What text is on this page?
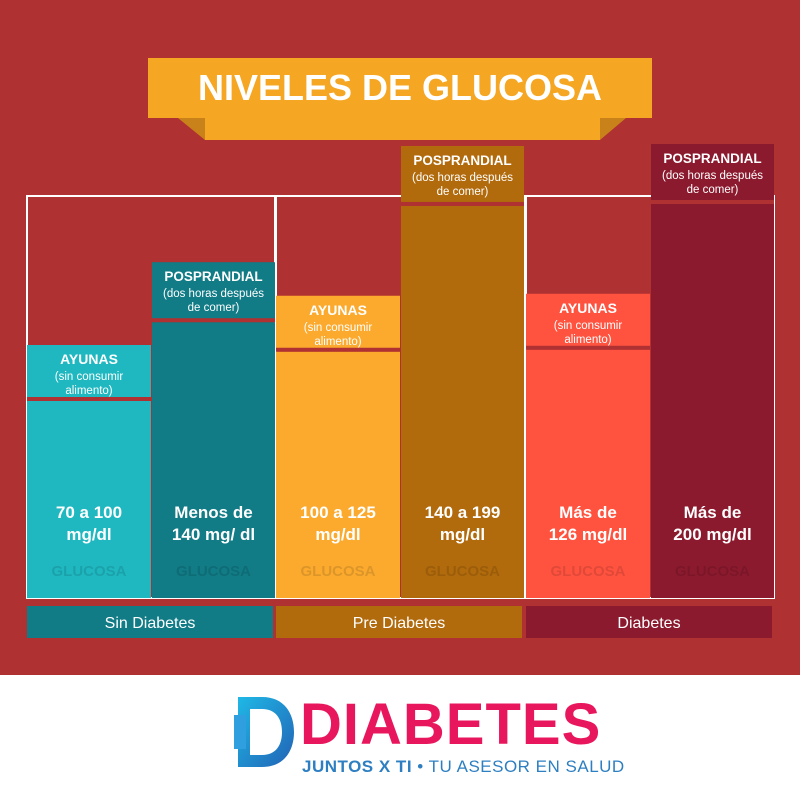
NIVELES DE GLUCOSA
AYUNAS
(sin consumir
alimento)
70 a 100
mg/dl
GLUCOSA
AYUNAS
(sin consumir
alimento)
100 a 125
mg/dl
GLUCOSA
AYUNAS
(sin consumir
alimento)
Más de
126 mg/dl
GLUCOSA
POSPRANDIAL
(dos horas después
de comer)
Menos de
140 mg/ dl
GLUCOSA
POSPRANDIAL
(dos horas después
de comer)
140 a 199
mg/dl
GLUCOSA
POSPRANDIAL
(dos horas después
de comer)
Más de
200 mg/dl
GLUCOSA
Sin Diabetes	Pre Diabetes	Diabetes
DIABETES
JUNTOS X TI • TU ASESOR EN SALUD
